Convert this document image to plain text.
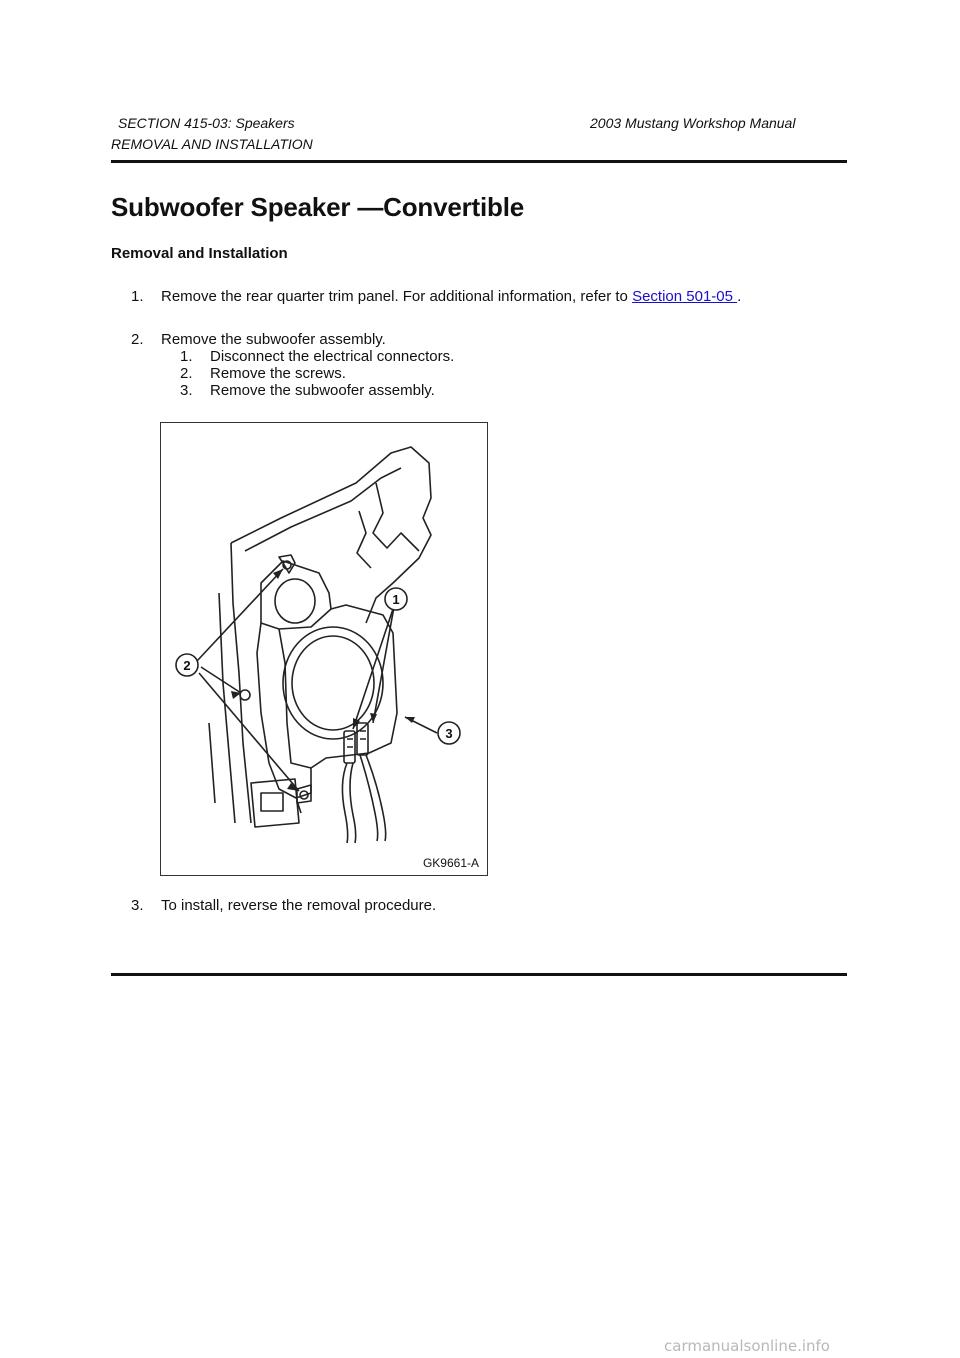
SECTION 415-03: Speakers	2003 Mustang Workshop Manual
REMOVAL AND INSTALLATION
Subwoofer Speaker —Convertible
Removal and Installation
1. Remove the rear quarter trim panel. For additional information, refer to Section 501-05 .
2. Remove the subwoofer assembly.
1. Disconnect the electrical connectors.
2. Remove the screws.
3. Remove the subwoofer assembly.
1
2
3
GK9661-A
3. To install, reverse the removal procedure.
carmanualsonline.info
